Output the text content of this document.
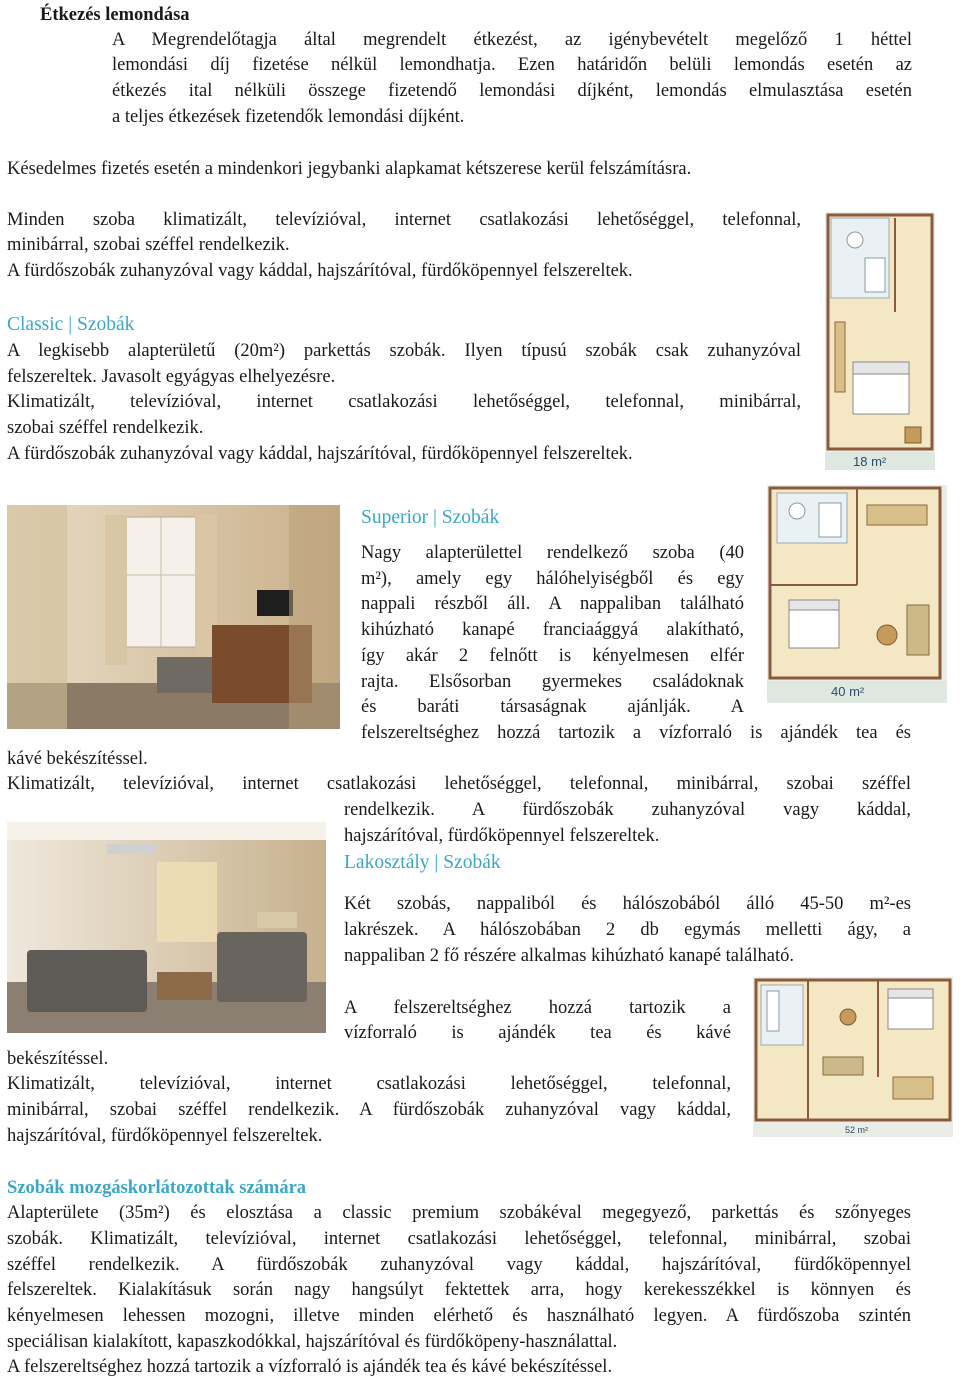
Étkezés lemondása
A Megrendelőtagja által megrendelt étkezést, az igénybevételt megelőző 1 héttel
lemondási díj fizetése nélkül lemondhatja. Ezen határidőn belüli lemondás esetén az
étkezés ital nélküli összege fizetendő lemondási díjként, lemondás elmulasztása esetén
a teljes étkezések fizetendők lemondási díjként.
Késedelmes fizetés esetén a mindenkori jegybanki alapkamat kétszerese kerül felszámításra.
Minden szoba klimatizált, televízióval, internet csatlakozási lehetőséggel, telefonnal,
minibárral, szobai széffel rendelkezik.
A fürdőszobák zuhanyzóval vagy káddal, hajszárítóval, fürdőköpennyel felszereltek.
Classic | Szobák
A legkisebb alapterületű (20m²) parkettás szobák. Ilyen típusú szobák csak zuhanyzóval
felszereltek. Javasolt egyágyas elhelyezésre.
Klimatizált, televízióval, internet csatlakozási lehetőséggel, telefonnal, minibárral,
szobai széffel rendelkezik.
A fürdőszobák zuhanyzóval vagy káddal, hajszárítóval, fürdőköpennyel felszereltek.	18 m²
Superior | Szobák
Nagy alapterülettel rendelkező szoba (40
m²), amely egy hálóhelyiségből és egy
nappali részből áll. A nappaliban található
kihúzható kanapé franciaággyá alakítható,
így akár 2 felnőtt is kényelmesen elfér
rajta. Elsősorban gyermekes családoknak
és baráti társaságnak ajánlják. A
felszereltséghez hozzá tartozik a vízforraló is ajándék tea és
kávé bekészítéssel.
Klimatizált, televízióval, internet csatlakozási lehetőséggel, telefonnal, minibárral, szobai széffel
rendelkezik. A fürdőszobák zuhanyzóval vagy káddal,
hajszárítóval, fürdőköpennyel felszereltek.
40 m²
Lakosztály | Szobák
Két szobás, nappaliból és hálószobából álló 45-50 m²-es
lakrészek. A hálószobában 2 db egymás melletti ágy, a
nappaliban 2 fő részére alkalmas kihúzható kanapé található.
A felszereltséghez hozzá tartozik a
vízforraló is ajándék tea és kávé
bekészítéssel.
Klimatizált, televízióval, internet csatlakozási lehetőséggel, telefonnal,
minibárral, szobai széffel rendelkezik. A fürdőszobák zuhanyzóval vagy káddal,
hajszárítóval, fürdőköpennyel felszereltek.	52 m²
Szobák mozgáskorlátozottak számára
Alapterülete (35m²) és elosztása a classic premium szobákéval megegyező, parkettás és szőnyeges
szobák. Klimatizált, televízióval, internet csatlakozási lehetőséggel, telefonnal, minibárral, szobai
széffel rendelkezik. A fürdőszobák zuhanyzóval vagy káddal, hajszárítóval, fürdőköpennyel
felszereltek. Kialakításuk során nagy hangsúlyt fektettek arra, hogy kerekesszékkel is könnyen és
kényelmesen lehessen mozogni, illetve minden elérhető és használható legyen. A fürdőszoba szintén
speciálisan kialakított, kapaszkodókkal, hajszárítóval és fürdőköpeny-használattal.
A felszereltséghez hozzá tartozik a vízforraló is ajándék tea és kávé bekészítéssel.
